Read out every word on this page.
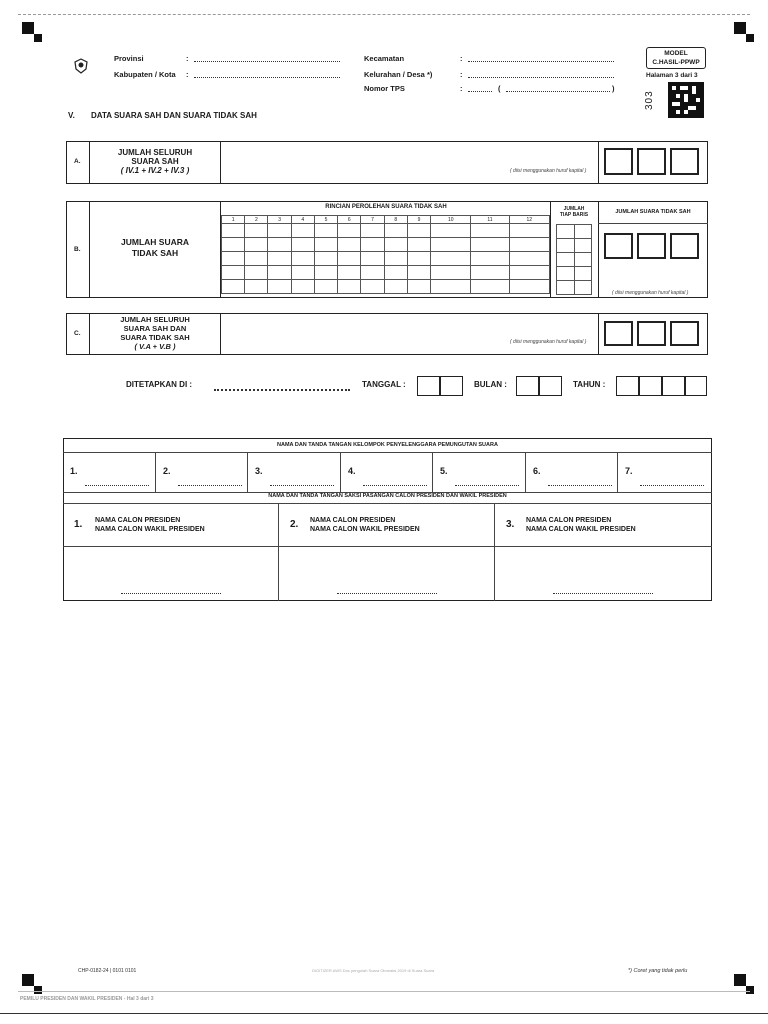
Provinsi	:
Kabupaten / Kota :
Kecamatan	:
Kelurahan / Desa *)	:
Nomor TPS	:	(	)
MODEL
C.HASIL-PPWP
Halaman 3 dari 3
303
V. DATA SUARA SAH DAN SUARA TIDAK SAH
A.
JUMLAH SELURUH
SUARA SAH
( IV.1 + IV.2 + IV.3 )	( diisi menggunakan huruf kapital )
B.
JUMLAH SUARA
TIDAK SAH
RINCIAN PEROLEHAN SUARA TIDAK SAH
1	2	3	4	5	6	7	8	9	10	11	12

JUMLAH
TIAP BARIS

		JUMLAH SUARA TIDAK SAH
( diisi menggunakan huruf kapital )
C.
JUMLAH SELURUH
SUARA SAH DAN
SUARA TIDAK SAH
( V.A + V.B )	( diisi menggunakan huruf kapital )
DITETAPKAN DI :	TANGGAL :	BULAN :	TAHUN :
NAMA DAN TANDA TANGAN KELOMPOK PENYELENGGARA PEMUNGUTAN SUARA
1.	2.	3.	4.	5.	6.	7.
NAMA DAN TANDA TANGAN SAKSI PASANGAN CALON PRESIDEN DAN WAKIL PRESIDEN
1. NAMA CALON PRESIDEN
NAMA CALON WAKIL PRESIDEN	2. NAMA CALON PRESIDEN
NAMA CALON WAKIL PRESIDEN	3. NAMA CALON PRESIDEN
NAMA CALON WAKIL PRESIDEN
CHP-0182-24 | 0101 0101	DIGITIZER AWS Doc pengolah Suara Otomatis 2019 di Suara Suara	*) Coret yang tidak perlu
PEMILU PRESIDEN DAN WAKIL PRESIDEN - Hal 3 dari 3
